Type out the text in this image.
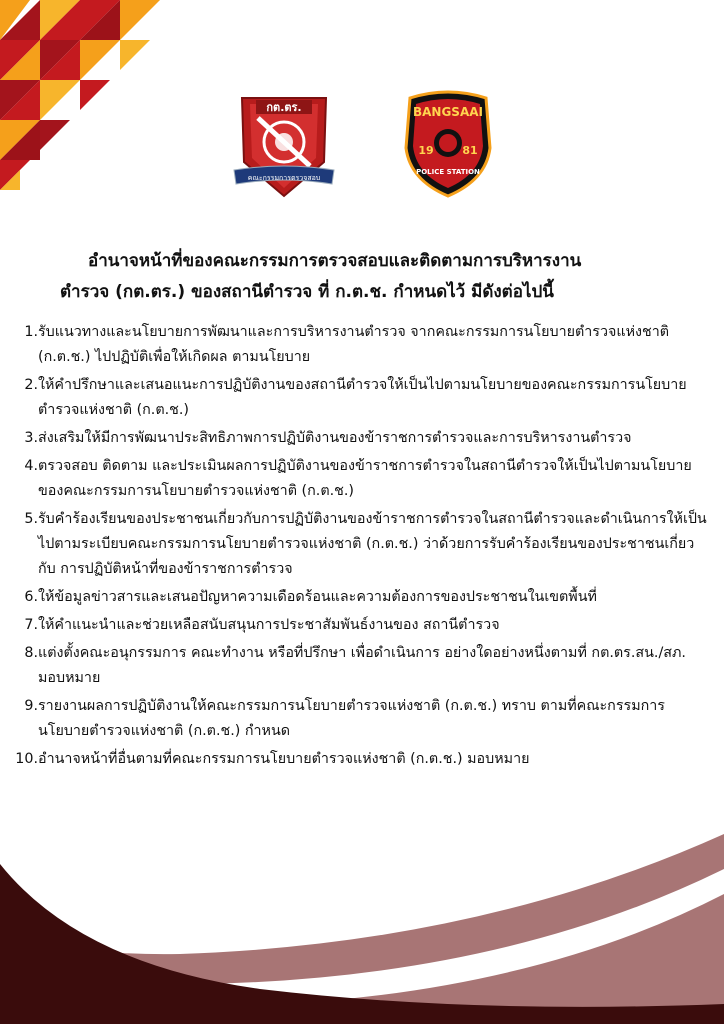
กต.ตร.
คณะกรรมการตรวจสอบ
BANGSAAI
19	81
POLICE STATION
อำนาจหน้าที่ของคณะกรรมการตรวจสอบและติดตามการบริหารงาน
ตำรวจ (กต.ตร.) ของสถานีตำรวจ ที่ ก.ต.ช. กำหนดไว้ มีดังต่อไปนี้
1. รับแนวทางและนโยบายการพัฒนาและการบริหารงานตำรวจ จากคณะกรรมการนโยบายตำรวจแห่งชาติ (ก.ต.ช.) ไปปฏิบัติเพื่อให้เกิดผล ตามนโยบาย
2. ให้คำปรึกษาและเสนอแนะการปฏิบัติงานของสถานีตำรวจให้เป็นไปตามนโยบายของคณะกรรมการนโยบายตำรวจแห่งชาติ (ก.ต.ช.)
3. ส่งเสริมให้มีการพัฒนาประสิทธิภาพการปฏิบัติงานของข้าราชการตำรวจและการบริหารงานตำรวจ
4. ตรวจสอบ ติดตาม และประเมินผลการปฏิบัติงานของข้าราชการตำรวจในสถานีตำรวจให้เป็นไปตามนโยบายของคณะกรรมการนโยบายตำรวจแห่งชาติ (ก.ต.ช.)
5. รับคำร้องเรียนของประชาชนเกี่ยวกับการปฏิบัติงานของข้าราชการตำรวจในสถานีตำรวจและดำเนินการให้เป็นไปตามระเบียบคณะกรรมการนโยบายตำรวจแห่งชาติ (ก.ต.ช.) ว่าด้วยการรับคำร้องเรียนของประชาชนเกี่ยวกับ การปฏิบัติหน้าที่ของข้าราชการตำรวจ
6. ให้ข้อมูลข่าวสารและเสนอปัญหาความเดือดร้อนและความต้องการของประชาชนในเขตพื้นที่
7. ให้คำแนะนำและช่วยเหลือสนับสนุนการประชาสัมพันธ์งานของ สถานีตำรวจ
8. แต่งตั้งคณะอนุกรรมการ คณะทำงาน หรือที่ปรึกษา เพื่อดำเนินการ อย่างใดอย่างหนึ่งตามที่ กต.ตร.สน./สภ. มอบหมาย
9. รายงานผลการปฏิบัติงานให้คณะกรรมการนโยบายตำรวจแห่งชาติ (ก.ต.ช.) ทราบ ตามที่คณะกรรมการนโยบายตำรวจแห่งชาติ (ก.ต.ช.) กำหนด
10. อำนาจหน้าที่อื่นตามที่คณะกรรมการนโยบายตำรวจแห่งชาติ (ก.ต.ช.) มอบหมาย
